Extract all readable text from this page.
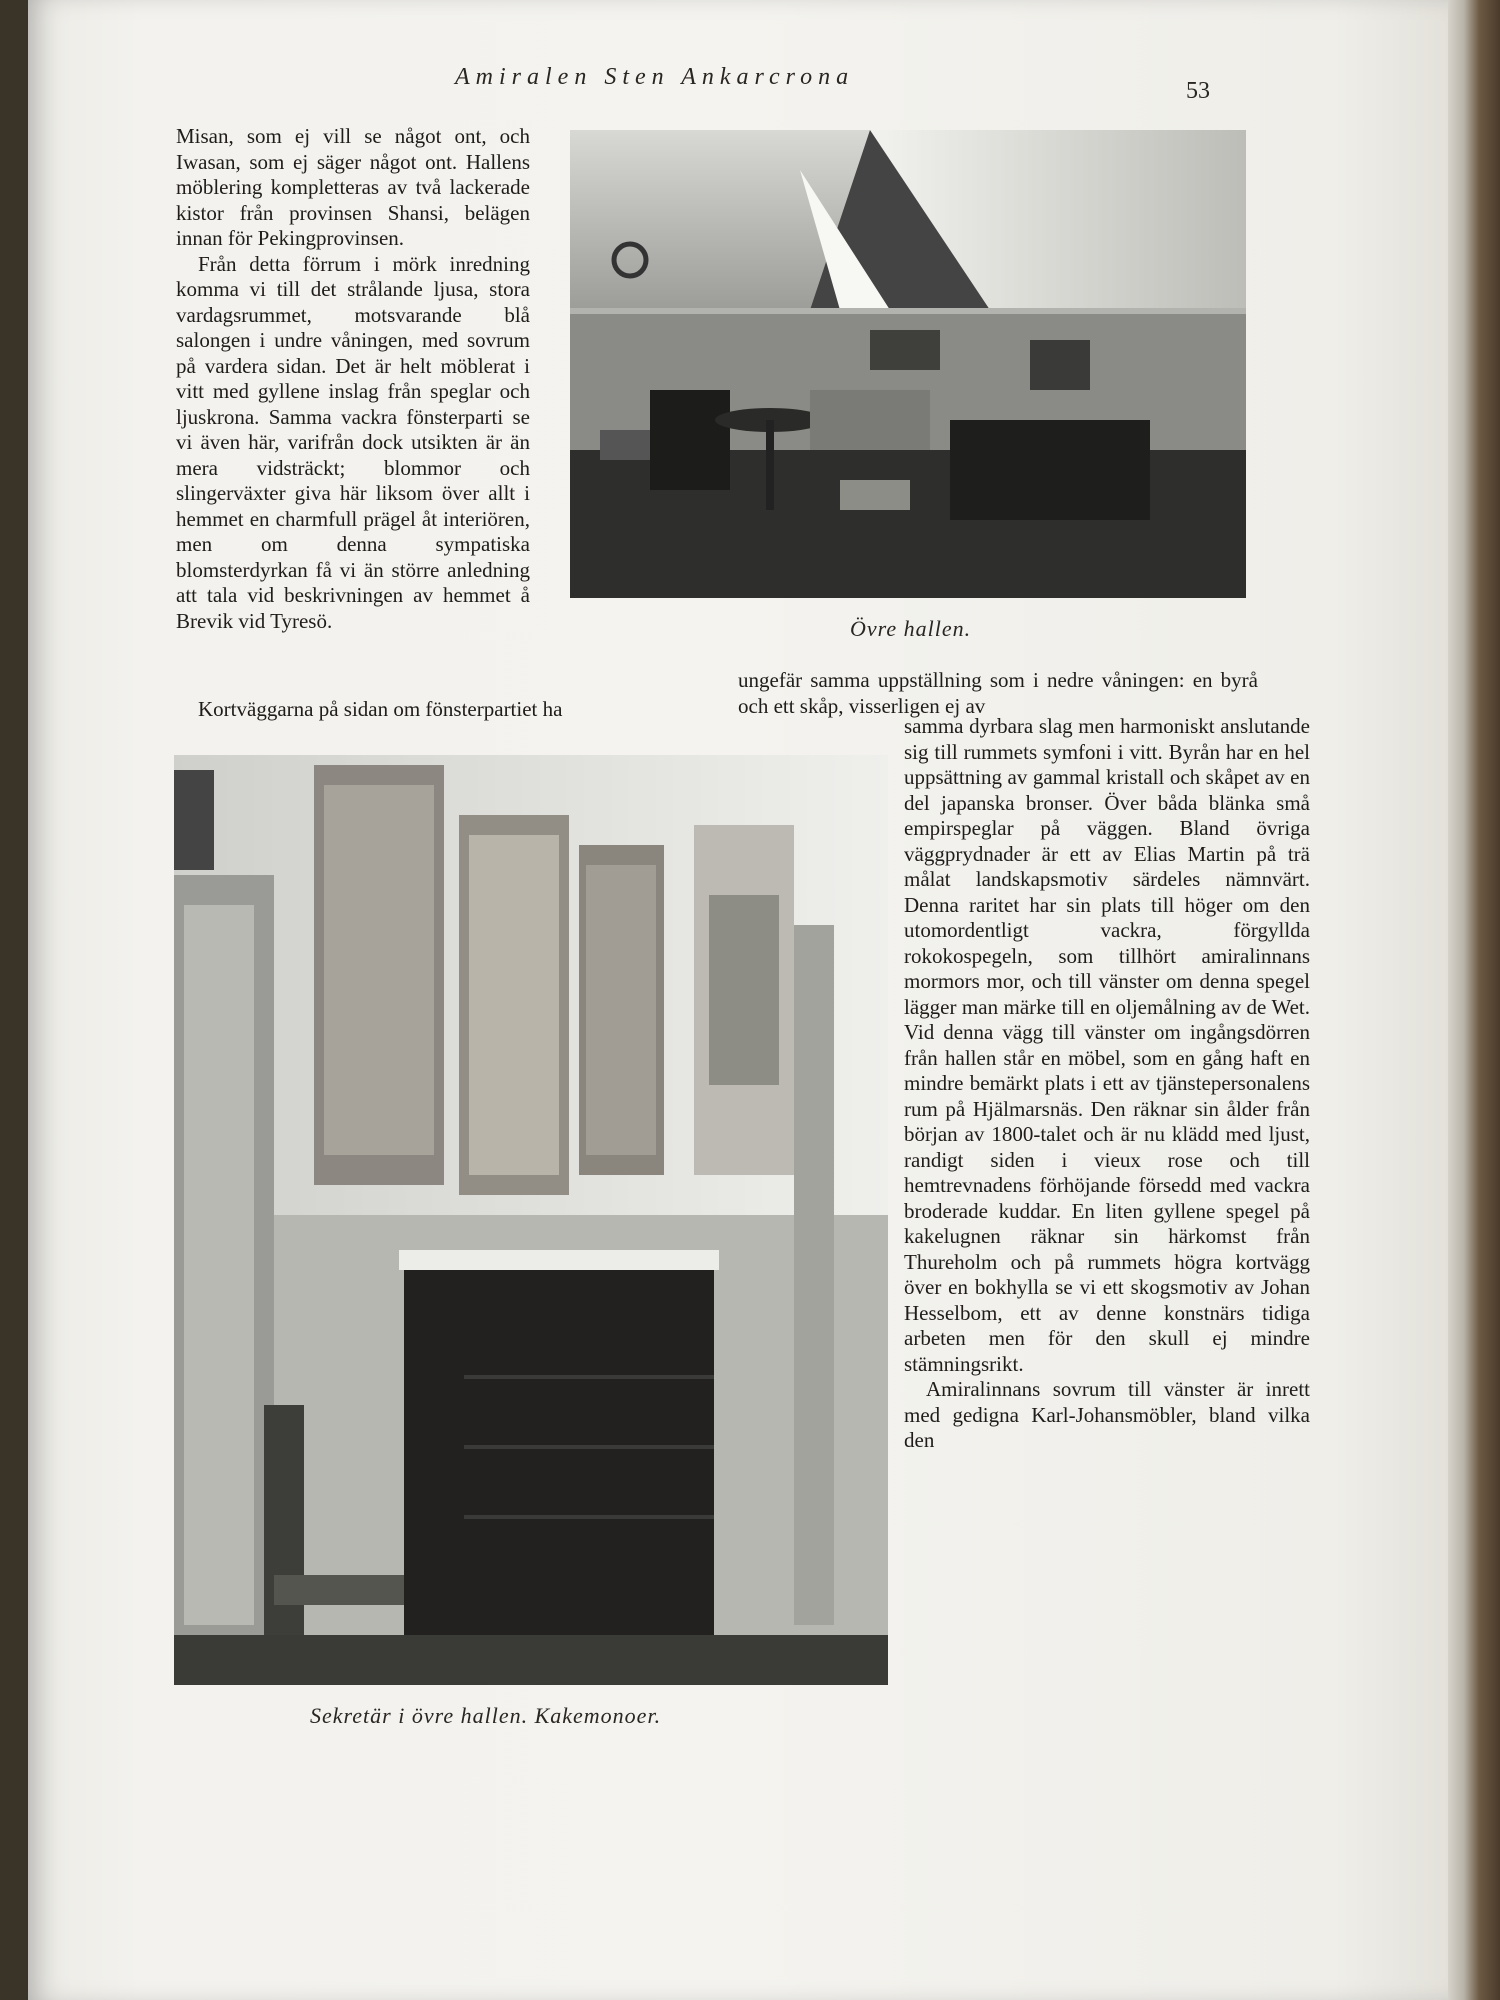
Amiralen Sten Ankarcrona
53

Misan, som ej vill se något ont, och Iwasan, som ej säger något ont. Hallens möblering kompletteras av två lackerade kistor från provinsen Shansi, belägen innan för Pekingprovinsen.

Från detta förrum i mörk inredning komma vi till det strålande ljusa, stora vardagsrummet, motsvarande blå salongen i undre våningen, med sovrum på vardera sidan. Det är helt möblerat i vitt med gyllene inslag från speglar och ljuskrona. Samma vackra fönsterparti se vi även här, varifrån dock utsikten är än mera vidsträckt; blommor och slingerväxter giva här liksom över allt i hemmet en charmfull prägel åt interiören, men om denna sympatiska blomsterdyrkan få vi än större anledning att tala vid beskrivningen av hemmet å Brevik vid Tyresö.

Kortväggarna på sidan om fönsterpartiet ha
Övre hallen.
ungefär samma uppställning som i nedre våningen: en byrå och ett skåp, visserligen ej av
Sekretär i övre hallen. Kakemonoer.

samma dyrbara slag men harmoniskt anslutande sig till rummets symfoni i vitt. Byrån har en hel uppsättning av gammal kristall och skåpet av en del japanska bronser. Över båda blänka små empirspeglar på väggen. Bland övriga väggprydnader är ett av Elias Martin på trä målat landskapsmotiv särdeles nämnvärt. Denna raritet har sin plats till höger om den utomordentligt vackra, förgyllda rokokospegeln, som tillhört amiralinnans mormors mor, och till vänster om denna spegel lägger man märke till en oljemålning av de Wet. Vid denna vägg till vänster om ingångsdörren från hallen står en möbel, som en gång haft en mindre bemärkt plats i ett av tjänstepersonalens rum på Hjälmarsnäs. Den räknar sin ålder från början av 1800-talet och är nu klädd med ljust, randigt siden i vieux rose och till hemtrevnadens förhöjande försedd med vackra broderade kuddar. En liten gyllene spegel på kakelugnen räknar sin härkomst från Thureholm och på rummets högra kortvägg över en bokhylla se vi ett skogsmotiv av Johan Hesselbom, ett av denne konstnärs tidiga arbeten men för den skull ej mindre stämningsrikt.

Amiralinnans sovrum till vänster är inrett med gedigna Karl-Johansmöbler, bland vilka den
